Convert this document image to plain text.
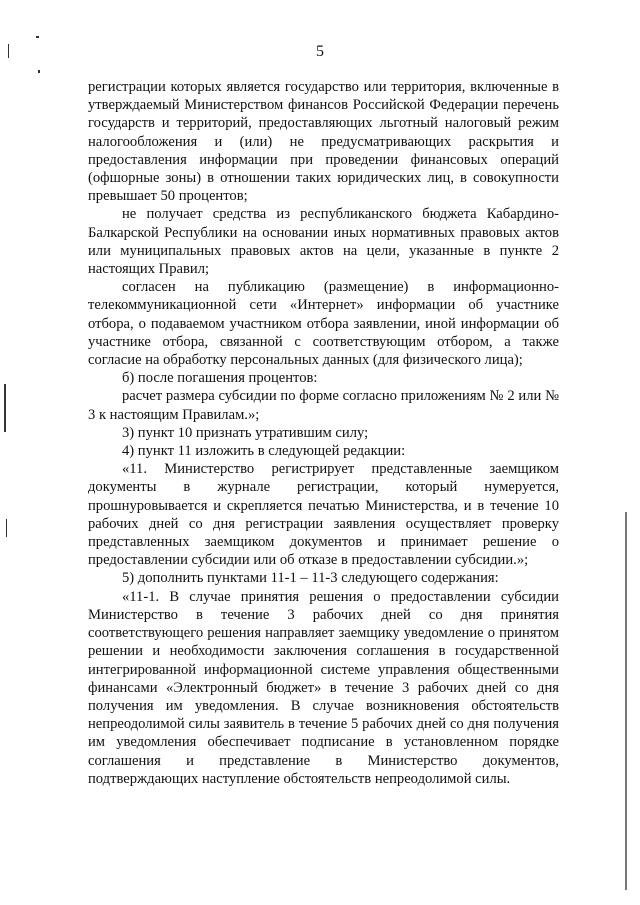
5

регистрации которых является государство или территория, включенные в утверждаемый Министерством финансов Российской Федерации перечень государств и территорий, предоставляющих льготный налоговый режим налогообложения и (или) не предусматривающих раскрытия и предоставления информации при проведении финансовых операций (офшорные зоны) в отношении таких юридических лиц, в совокупности превышает 50 процентов;

не получает средства из республиканского бюджета Кабардино-Балкарской Республики на основании иных нормативных правовых актов или муниципальных правовых актов на цели, указанные в пункте 2 настоящих Правил;

согласен на публикацию (размещение) в информационно-телекоммуникационной сети «Интернет» информации об участнике отбора, о подаваемом участником отбора заявлении, иной информации об участнике отбора, связанной с соответствующим отбором, а также согласие на обработку персональных данных (для физического лица);

б) после погашения процентов:

расчет размера субсидии по форме согласно приложениям № 2 или № 3 к настоящим Правилам.»;

3) пункт 10 признать утратившим силу;

4) пункт 11 изложить в следующей редакции:

«11. Министерство регистрирует представленные заемщиком документы в журнале регистрации, который нумеруется, прошнуровывается и скрепляется печатью Министерства, и в течение 10 рабочих дней со дня регистрации заявления осуществляет проверку представленных заемщиком документов и принимает решение о предоставлении субсидии или об отказе в предоставлении субсидии.»;

5) дополнить пунктами 11-1 – 11-3 следующего содержания:

«11-1. В случае принятия решения о предоставлении субсидии Министерство в течение 3 рабочих дней со дня принятия соответствующего решения направляет заемщику уведомление о принятом решении и необходимости заключения соглашения в государственной интегрированной информационной системе управления общественными финансами «Электронный бюджет» в течение 3 рабочих дней со дня получения им уведомления. В случае возникновения обстоятельств непреодолимой силы заявитель в течение 5 рабочих дней со дня получения им уведомления обеспечивает подписание в установленном порядке соглашения и представление в Министерство документов, подтверждающих наступление обстоятельств непреодолимой силы.
